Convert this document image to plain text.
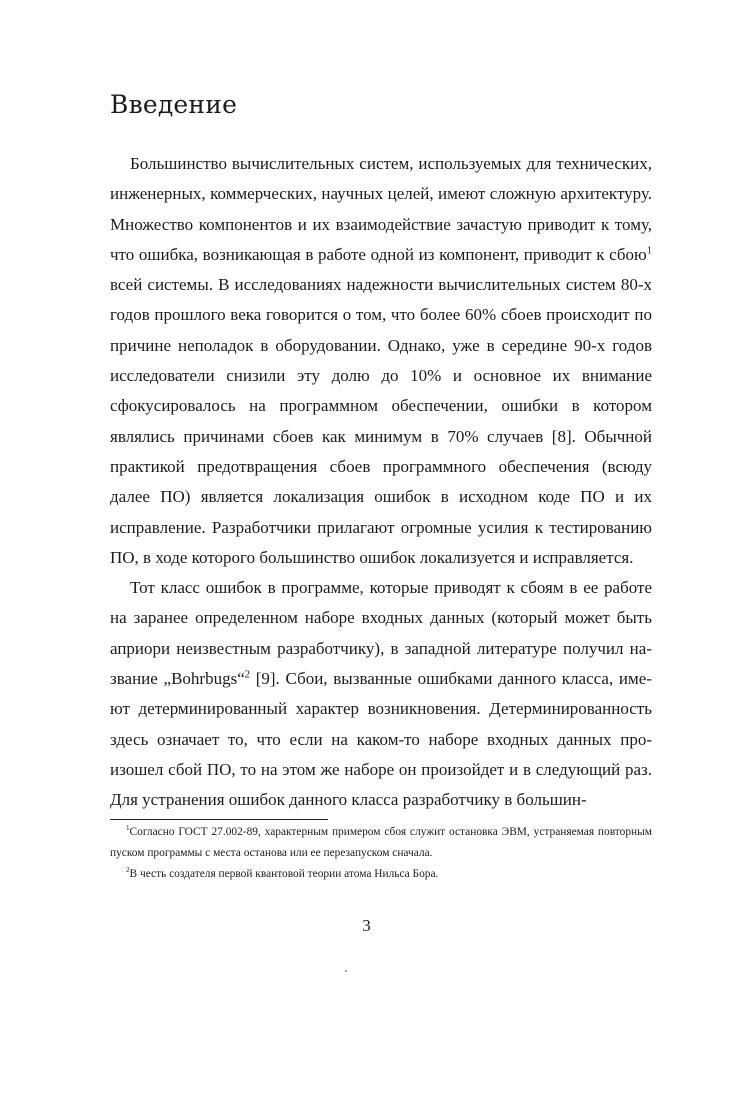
Введение

Большинство вычислительных систем, используемых для технических, инженерных, коммерческих, научных целей, имеют сложную архитектуру. Множество компонентов и их взаимодействие зачастую приводит к тому, что ошибка, возникающая в работе одной из компонент, приводит к сбою$^1$ всей системы. В исследованиях надежности вычислительных систем 80-х годов прошлого века говорится о том, что более 60% сбоев происходит по причине неполадок в оборудовании. Однако, уже в середине 90-х годов исследователи снизили эту долю до 10% и основное их внимание сфокусировалось на программном обеспечении, ошибки в котором являлись причинами сбоев как минимум в 70% случаев [8]. Обычной практикой предотвращения сбоев программного обеспечения (всюду далее ПО) является локализация ошибок в исходном коде ПО и их исправление. Разработчики прилагают огромные усилия к тестированию ПО, в ходе которого большинство ошибок локализуется и исправляется.

Тот класс ошибок в программе, которые приводят к сбоям в ее работе на заранее определенном наборе входных данных (который может быть априори неизвестным разработчику), в западной литературе получил название „Bohrbugs“$^2$ [9]. Сбои, вызванные ошибками данного класса, имеют детерминированный характер возникновения. Детерминированность здесь означает то, что если на каком-то наборе входных данных произошел сбой ПО, то на этом же наборе он произойдет и в следующий раз. Для устранения ошибок данного класса разработчику в большин-

$^1$Согласно ГОСТ 27.002-89, характерным примером сбоя служит остановка ЭВМ, устраняемая повторным пуском программы с места останова или ее перезапуском сначала.

$^2$В честь создателя первой квантовой теории атома Нильса Бора.

3
